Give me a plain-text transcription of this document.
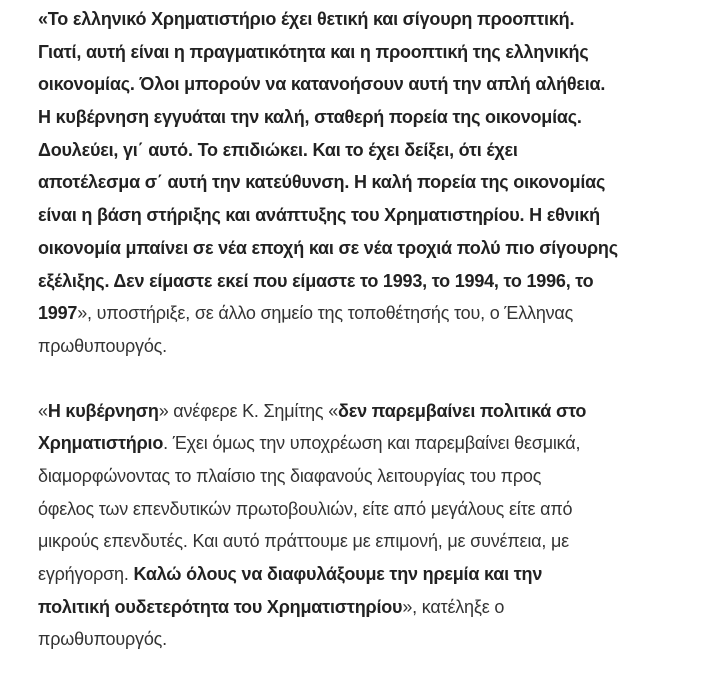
«Το ελληνικό Χρηματιστήριο έχει θετική και σίγουρη προοπτική.
Γιατί, αυτή είναι η πραγματικότητα και η προοπτική της ελληνικής
οικονομίας. Όλοι μπορούν να κατανοήσουν αυτή την απλή αλήθεια.
Η κυβέρνηση εγγυάται την καλή, σταθερή πορεία της οικονομίας.
Δουλεύει, γι΄ αυτό. Το επιδιώκει. Και το έχει δείξει, ότι έχει
αποτέλεσμα σ΄ αυτή την κατεύθυνση. Η καλή πορεία της οικονομίας
είναι η βάση στήριξης και ανάπτυξης του Χρηματιστηρίου. Η εθνική
οικονομία μπαίνει σε νέα εποχή και σε νέα τροχιά πολύ πιο σίγουρης
εξέλιξης. Δεν είμαστε εκεί που είμαστε το 1993, το 1994, το 1996, το
1997», υποστήριξε, σε άλλο σημείο της τοποθέτησής του, ο Έλληνας
πρωθυπουργός.
«Η κυβέρνηση» ανέφερε Κ. Σημίτης «δεν παρεμβαίνει πολιτικά στο
Χρηματιστήριο. Έχει όμως την υποχρέωση και παρεμβαίνει θεσμικά,
διαμορφώνοντας το πλαίσιο της διαφανούς λειτουργίας του προς
όφελος των επενδυτικών πρωτοβουλιών, είτε από μεγάλους είτε από
μικρούς επενδυτές. Και αυτό πράττουμε με επιμονή, με συνέπεια, με
εγρήγορση. Καλώ όλους να διαφυλάξουμε την ηρεμία και την
πολιτική ουδετερότητα του Χρηματιστηρίου», κατέληξε ο
πρωθυπουργός.
